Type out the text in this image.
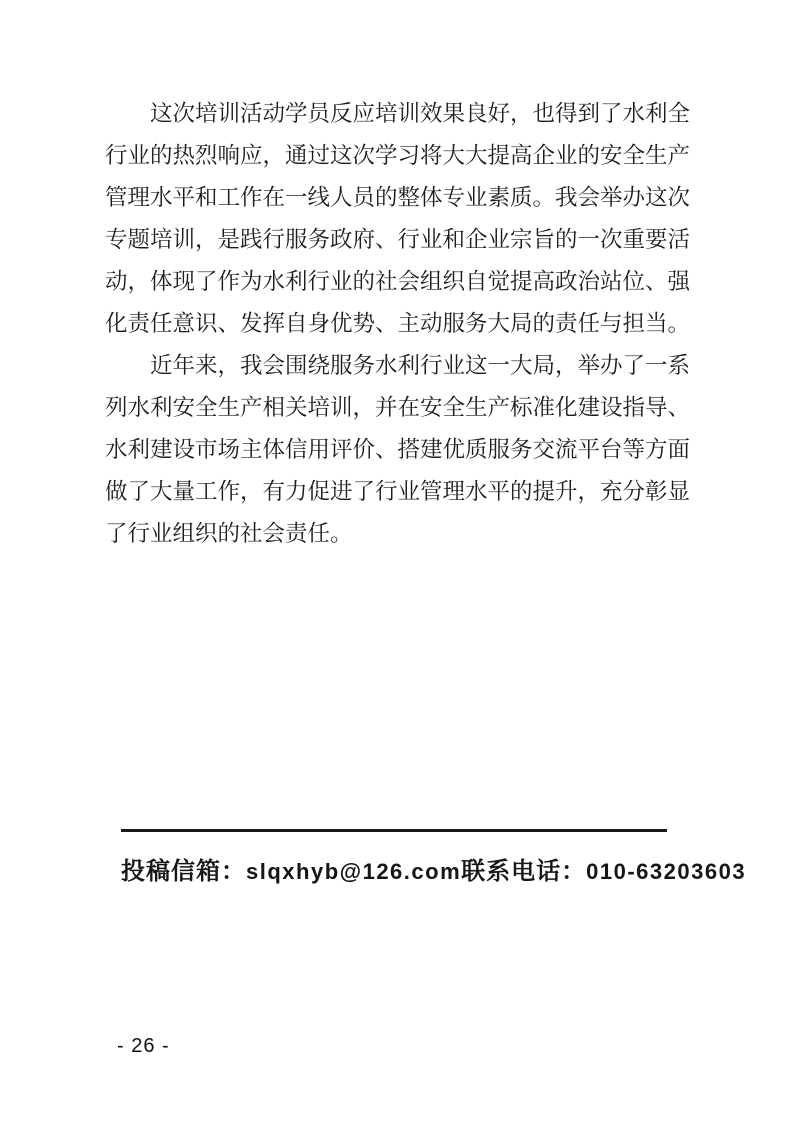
这次培训活动学员反应培训效果良好，也得到了水利全行业的热烈响应，通过这次学习将大大提高企业的安全生产管理水平和工作在一线人员的整体专业素质。我会举办这次专题培训，是践行服务政府、行业和企业宗旨的一次重要活动，体现了作为水利行业的社会组织自觉提高政治站位、强化责任意识、发挥自身优势、主动服务大局的责任与担当。

近年来，我会围绕服务水利行业这一大局，举办了一系列水利安全生产相关培训，并在安全生产标准化建设指导、水利建设市场主体信用评价、搭建优质服务交流平台等方面做了大量工作，有力促进了行业管理水平的提升，充分彰显了行业组织的社会责任。

投稿信箱：slqxhyb@126.com 联系电话：010-63203603
- 26 -
